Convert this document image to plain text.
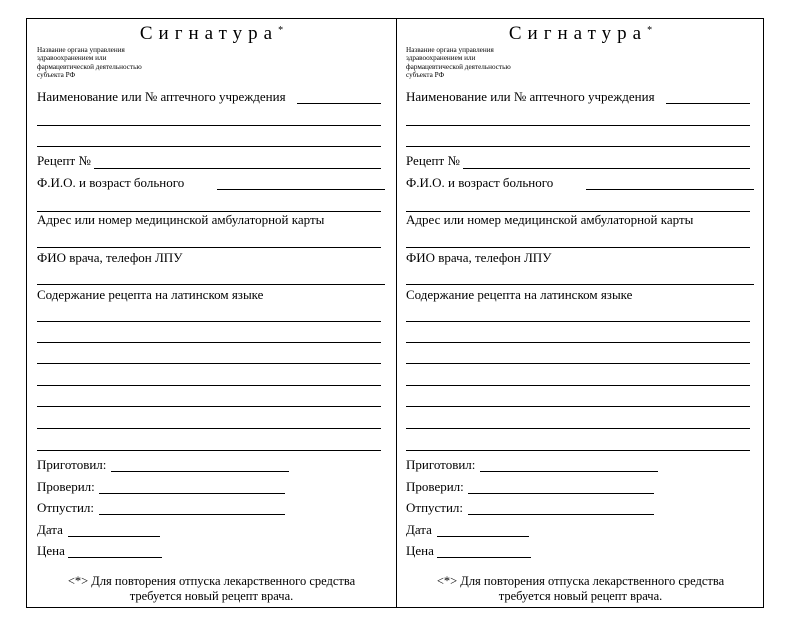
Сигнатура*
Название органа управления
здравоохранением или
фармацевтической деятельностью
субъекта РФ
Наименование или № аптечного учреждения
Рецепт №
Ф.И.О. и возраст больного
Адрес или номер медицинской амбулаторной карты
ФИО врача, телефон ЛПУ
Содержание рецепта на латинском языке
Приготовил:
Проверил:
Отпустил:
Дата
Цена
<*> Для повторения отпуска лекарственного средства
требуется новый рецепт врача.
Сигнатура*
Название органа управления
здравоохранением или
фармацевтической деятельностью
субъекта РФ
Наименование или № аптечного учреждения
Рецепт №
Ф.И.О. и возраст больного
Адрес или номер медицинской амбулаторной карты
ФИО врача, телефон ЛПУ
Содержание рецепта на латинском языке
Приготовил:
Проверил:
Отпустил:
Дата
Цена
<*> Для повторения отпуска лекарственного средства
требуется новый рецепт врача.
